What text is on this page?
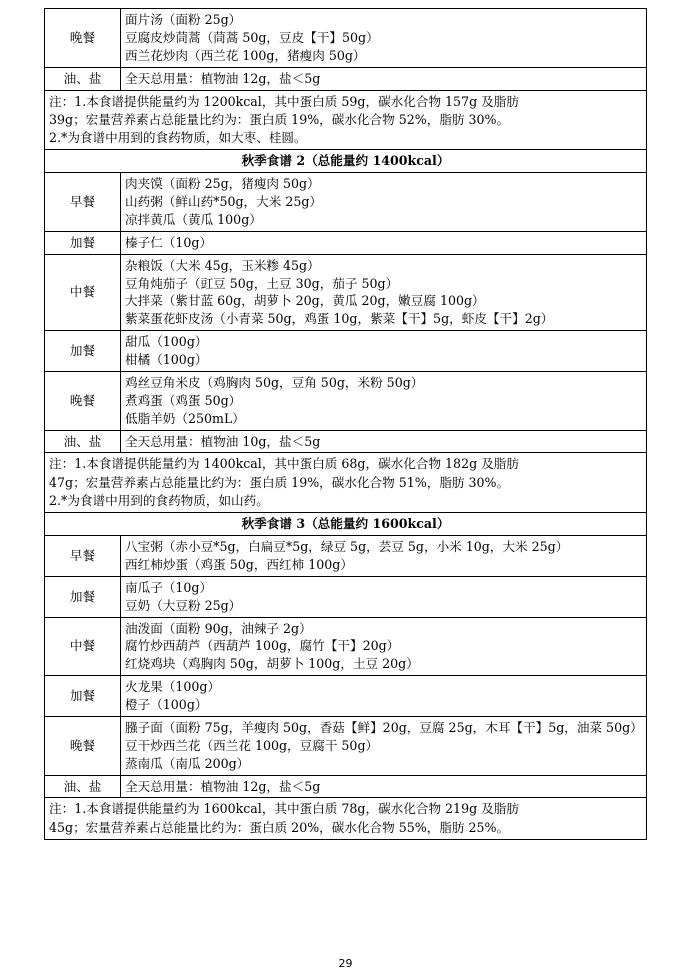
晚餐	面片汤（面粉 25g）
豆腐皮炒茼蒿（茼蒿 50g，豆皮【干】50g）
西兰花炒肉（西兰花 100g，猪瘦肉 50g）

油、盐	全天总用量：植物油 12g，盐＜5g

注：1.本食谱提供能量约为 1200kcal，其中蛋白质 59g，碳水化合物 157g 及脂肪
39g；宏量营养素占总能量比约为：蛋白质 19%，碳水化合物 52%，脂肪 30%。
2.*为食谱中用到的食药物质，如大枣、桂圆。	

秋季食谱 2（总能量约 1400kcal）	
早餐	肉夹馍（面粉 25g，猪瘦肉 50g）
山药粥（鲜山药*50g，大米 25g）
凉拌黄瓜（黄瓜 100g）

加餐	榛子仁（10g）

中餐	杂粮饭（大米 45g，玉米糁 45g）
豆角炖茄子（豇豆 50g，土豆 30g，茄子 50g）
大拌菜（紫甘蓝 60g，胡萝卜 20g，黄瓜 20g，嫩豆腐 100g）
紫菜蛋花虾皮汤（小青菜 50g，鸡蛋 10g，紫菜【干】5g，虾皮【干】2g）

加餐	甜瓜（100g）
柑橘（100g）

晚餐	鸡丝豆角米皮（鸡胸肉 50g，豆角 50g，米粉 50g）
煮鸡蛋（鸡蛋 50g）
低脂羊奶（250mL）

油、盐	全天总用量：植物油 10g，盐＜5g

注：1.本食谱提供能量约为 1400kcal，其中蛋白质 68g，碳水化合物 182g 及脂肪
47g；宏量营养素占总能量比约为：蛋白质 19%，碳水化合物 51%，脂肪 30%。
2.*为食谱中用到的食药物质，如山药。	

秋季食谱 3（总能量约 1600kcal）	
早餐	八宝粥（赤小豆*5g，白扁豆*5g，绿豆 5g，芸豆 5g，小米 10g，大米 25g）
西红柿炒蛋（鸡蛋 50g，西红柿 100g）

加餐	南瓜子（10g）
豆奶（大豆粉 25g）

中餐	油泼面（面粉 90g，油辣子 2g）
腐竹炒西葫芦（西葫芦 100g，腐竹【干】20g）
红烧鸡块（鸡胸肉 50g，胡萝卜 100g，土豆 20g）

加餐	火龙果（100g）
橙子（100g）

晚餐	膙子面（面粉 75g，羊瘦肉 50g，香菇【鲜】20g，豆腐 25g，木耳【干】5g，油菜 50g）
豆干炒西兰花（西兰花 100g，豆腐干 50g）
蒸南瓜（南瓜 200g）

油、盐	全天总用量：植物油 12g，盐＜5g

注：1.本食谱提供能量约为 1600kcal，其中蛋白质 78g，碳水化合物 219g 及脂肪
45g；宏量营养素占总能量比约为：蛋白质 20%，碳水化合物 55%，脂肪 25%。	
29
